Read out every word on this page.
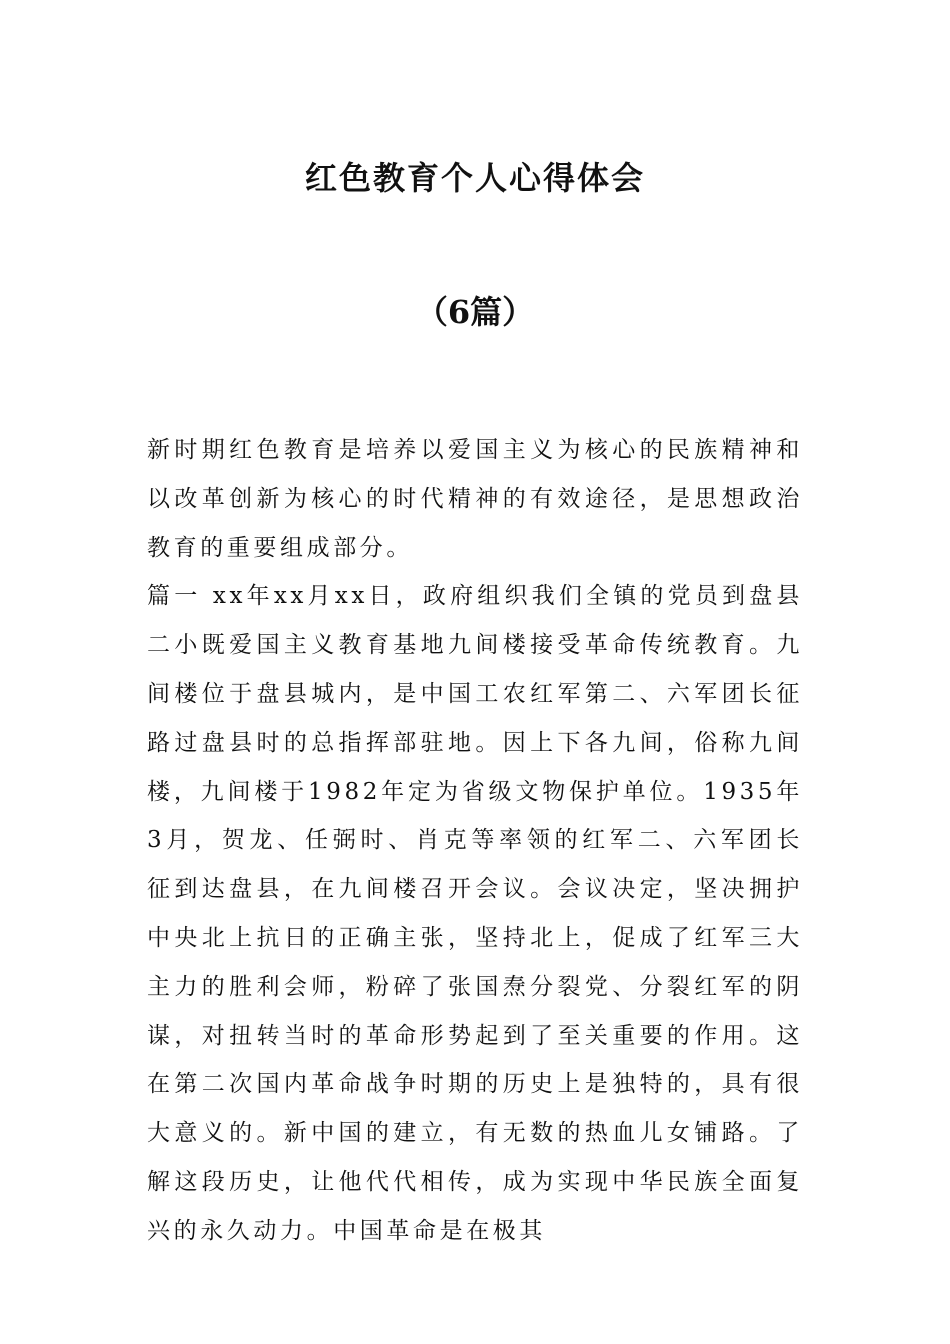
红色教育个人心得体会
（6篇）

新时期红色教育是培养以爱国主义为核心的民族精神和以改革创新为核心的时代精神的有效途径，是思想政治教育的重要组成部分。

篇一 xx年xx月xx日，政府组织我们全镇的党员到盘县二小既爱国主义教育基地九间楼接受革命传统教育。九间楼位于盘县城内，是中国工农红军第二、六军团长征路过盘县时的总指挥部驻地。因上下各九间，俗称九间楼，九间楼于1982年定为省级文物保护单位。1935年3月，贺龙、任弼时、肖克等率领的红军二、六军团长征到达盘县，在九间楼召开会议。会议决定，坚决拥护中央北上抗日的正确主张，坚持北上，促成了红军三大主力的胜利会师，粉碎了张国焘分裂党、分裂红军的阴谋，对扭转当时的革命形势起到了至关重要的作用。这在第二次国内革命战争时期的历史上是独特的，具有很大意义的。新中国的建立，有无数的热血儿女铺路。了解这段历史，让他代代相传，成为实现中华民族全面复兴的永久动力。中国革命是在极其
